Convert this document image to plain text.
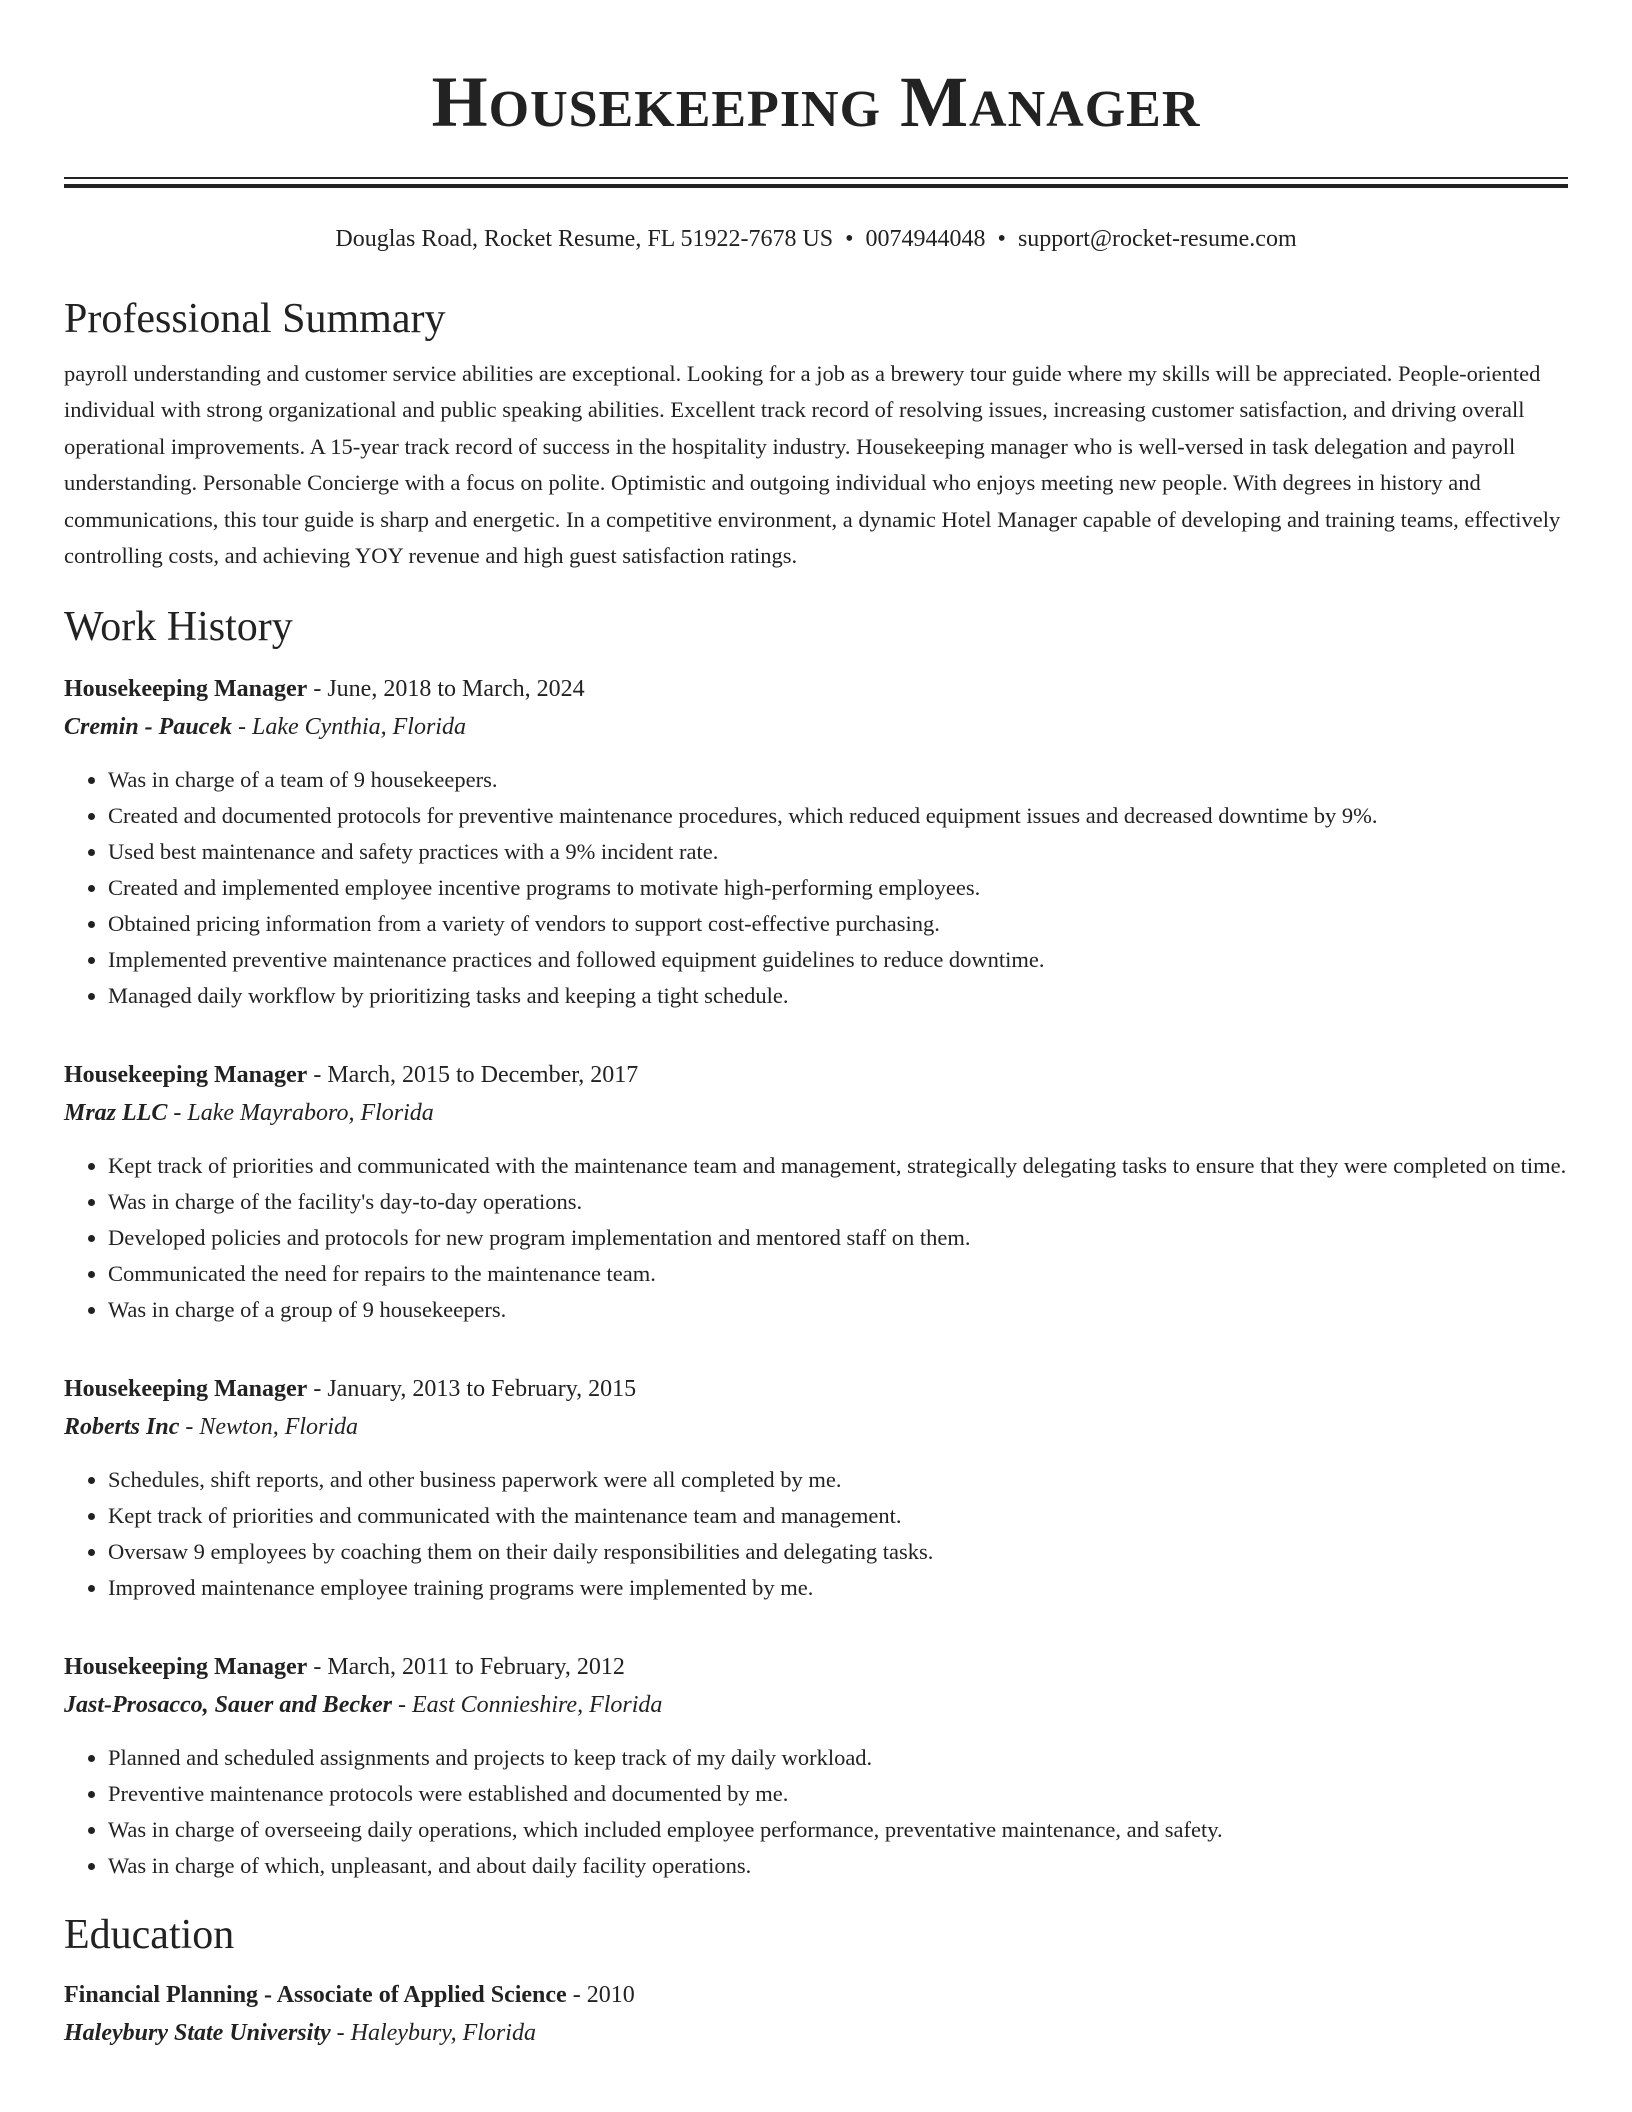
HOUSEKEEPING MANAGER
Douglas Road, Rocket Resume, FL 51922-7678 US • 0074944048 • support@rocket-resume.com
Professional Summary
payroll understanding and customer service abilities are exceptional. Looking for a job as a brewery tour guide where my skills will be appreciated. People-oriented individual with strong organizational and public speaking abilities. Excellent track record of resolving issues, increasing customer satisfaction, and driving overall operational improvements. A 15-year track record of success in the hospitality industry. Housekeeping manager who is well-versed in task delegation and payroll understanding. Personable Concierge with a focus on polite. Optimistic and outgoing individual who enjoys meeting new people. With degrees in history and communications, this tour guide is sharp and energetic. In a competitive environment, a dynamic Hotel Manager capable of developing and training teams, effectively controlling costs, and achieving YOY revenue and high guest satisfaction ratings.
Work History
Housekeeping Manager - June, 2018 to March, 2024
Cremin - Paucek - Lake Cynthia, Florida
• Was in charge of a team of 9 housekeepers.
• Created and documented protocols for preventive maintenance procedures, which reduced equipment issues and decreased downtime by 9%.
• Used best maintenance and safety practices with a 9% incident rate.
• Created and implemented employee incentive programs to motivate high-performing employees.
• Obtained pricing information from a variety of vendors to support cost-effective purchasing.
• Implemented preventive maintenance practices and followed equipment guidelines to reduce downtime.
• Managed daily workflow by prioritizing tasks and keeping a tight schedule.
Housekeeping Manager - March, 2015 to December, 2017
Mraz LLC - Lake Mayraboro, Florida
• Kept track of priorities and communicated with the maintenance team and management, strategically delegating tasks to ensure that they were completed on time.
• Was in charge of the facility's day-to-day operations.
• Developed policies and protocols for new program implementation and mentored staff on them.
• Communicated the need for repairs to the maintenance team.
• Was in charge of a group of 9 housekeepers.
Housekeeping Manager - January, 2013 to February, 2015
Roberts Inc - Newton, Florida
• Schedules, shift reports, and other business paperwork were all completed by me.
• Kept track of priorities and communicated with the maintenance team and management.
• Oversaw 9 employees by coaching them on their daily responsibilities and delegating tasks.
• Improved maintenance employee training programs were implemented by me.
Housekeeping Manager - March, 2011 to February, 2012
Jast-Prosacco, Sauer and Becker - East Connieshire, Florida
• Planned and scheduled assignments and projects to keep track of my daily workload.
• Preventive maintenance protocols were established and documented by me.
• Was in charge of overseeing daily operations, which included employee performance, preventative maintenance, and safety.
• Was in charge of which, unpleasant, and about daily facility operations.
Education
Financial Planning - Associate of Applied Science - 2010
Haleybury State University - Haleybury, Florida
